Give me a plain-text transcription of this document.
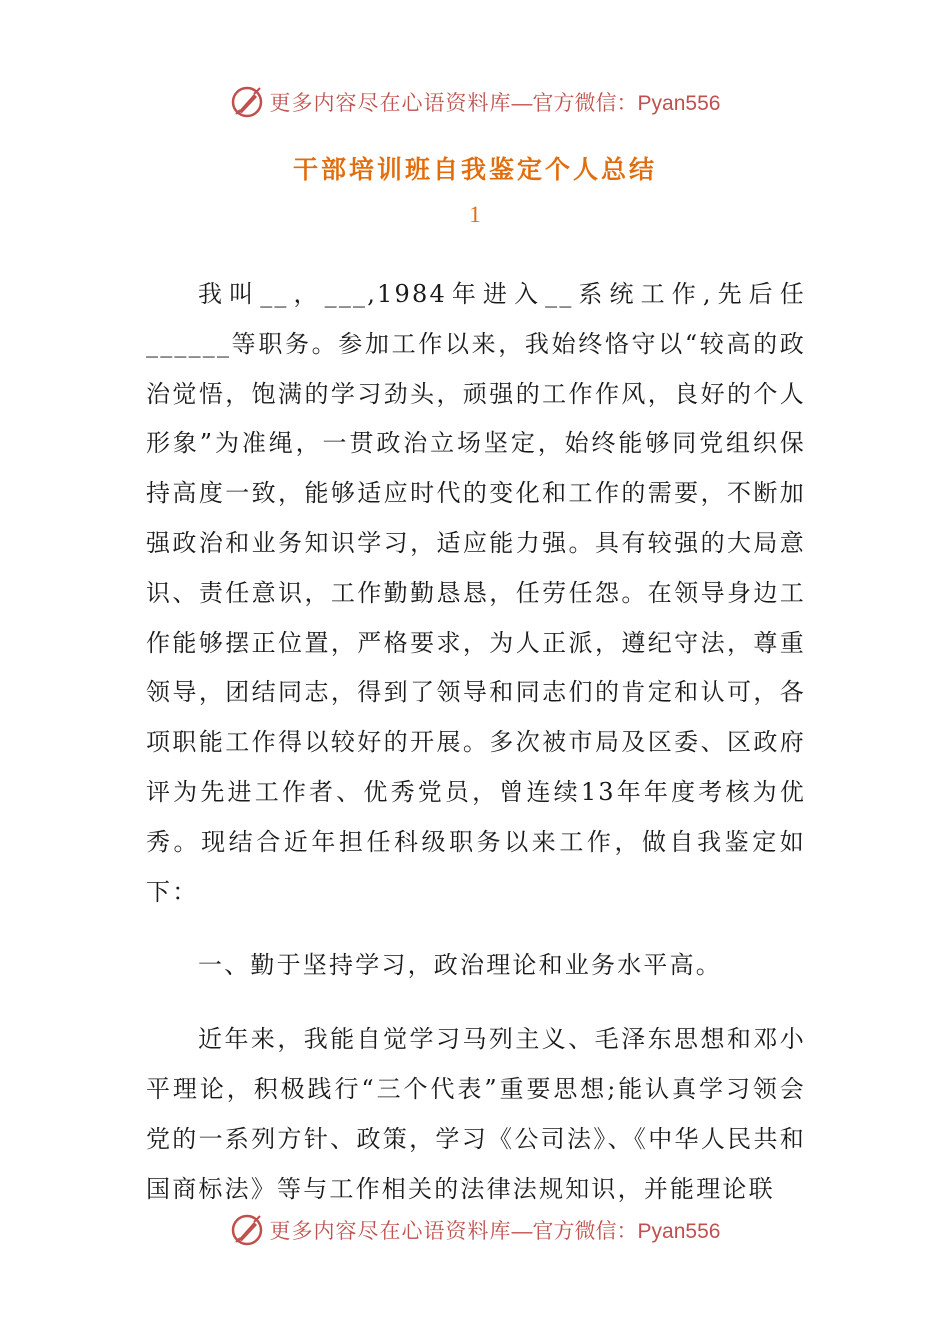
更多内容尽在心语资料库 —官方微信：Pyan556
干部培训班自我鉴定个人总结
1

我叫__，___,1984年进入__系统工作,先后任______等职务。参加工作以来，我始终恪守以“较高的政治觉悟，饱满的学习劲头，顽强的工作作风，良好的个人形象”为准绳，一贯政治立场坚定，始终能够同党组织保持高度一致，能够适应时代的变化和工作的需要，不断加强政治和业务知识学习，适应能力强。具有较强的大局意识、责任意识，工作勤勤恳恳，任劳任怨。在领导身边工作能够摆正位置，严格要求，为人正派，遵纪守法，尊重领导，团结同志，得到了领导和同志们的肯定和认可，各项职能工作得以较好的开展。多次被市局及区委、区政府评为先进工作者、优秀党员，曾连续13年年度考核为优秀。现结合近年担任科级职务以来工作，做自我鉴定如下：

一、勤于坚持学习，政治理论和业务水平高。

近年来，我能自觉学习马列主义、毛泽东思想和邓小平理论，积极践行“三个代表”重要思想;能认真学习领会党的一系列方针、政策，学习《公司法》、《中华人民共和国商标法》等与工作相关的法律法规知识，并能理论联

更多内容尽在心语资料库 —官方微信：Pyan556
